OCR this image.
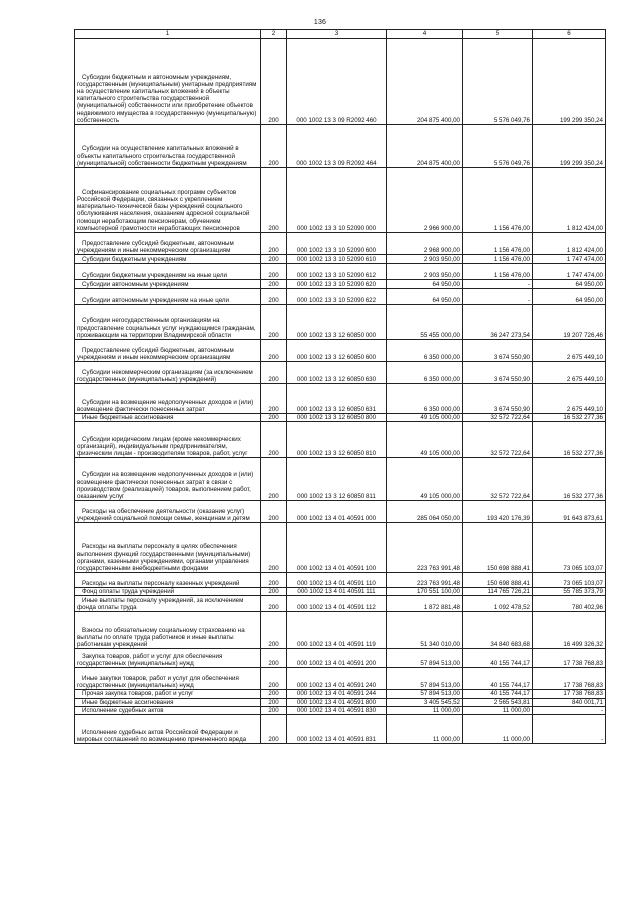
136
1	2	3	4	5	6
Субсидии бюджетным и автономным учреждениям, государственным (муниципальным) унитарным предприятиям на осуществление капитальных вложений в объекты капитального строительства государственной (муниципальной) собственности или приобретение объектов недвижимого имущества в государственную (муниципальную) собственность	200	000 1002 13 3 09 R2092 460	204 875 400,00	5 576 049,76	199 299 350,24
Субсидии на осуществление капитальных вложений в объекты капитального строительства государственной (муниципальной) собственности бюджетным учреждениям	200	000 1002 13 3 09 R2092 464	204 875 400,00	5 576 049,76	199 299 350,24
Софинансирование социальных программ субъектов Российской Федерации, связанных с укреплением материально-технической базы учреждений социального обслуживания населения, оказанием адресной социальной помощи неработающим пенсионерам, обучением компьютерной грамотности неработающих пенсионеров	200	000 1002 13 3 10 52090 000	2 966 900,00	1 156 476,00	1 812 424,00
Предоставление субсидий бюджетным, автономным учреждениям и иным некоммерческим организациям	200	000 1002 13 3 10 52090 600	2 968 900,00	1 156 476,00	1 812 424,00
Субсидии бюджетным учреждениям	200	000 1002 13 3 10 52090 610	2 903 950,00	1 156 476,00	1 747 474,00
Субсидии бюджетным учреждениям на иные цели	200	000 1002 13 3 10 52090 612	2 903 950,00	1 156 476,00	1 747 474,00
Субсидии автономным учреждениям	200	000 1002 13 3 10 52090 620	64 950,00	-	64 950,00
Субсидии автономным учреждениям на иные цели	200	000 1002 13 3 10 52090 622	64 950,00	-	64 950,00
Субсидии негосударственным организациям на предоставление социальных услуг нуждающимся гражданам, проживающим на территории Владимирской области	200	000 1002 13 3 12 60850 000	55 455 000,00	36 247 273,54	19 207 726,46
Предоставление субсидий бюджетным, автономным учреждениям и иным некоммерческим организациям	200	000 1002 13 3 12 60850 600	6 350 000,00	3 674 550,90	2 675 449,10
Субсидии некоммерческим организациям (за исключением государственных (муниципальных) учреждений)	200	000 1002 13 3 12 60850 630	6 350 000,00	3 674 550,90	2 675 449,10
Субсидии на возмещение недополученных доходов и (или) возмещение фактически понесенных затрат	200	000 1002 13 3 12 60850 631	6 350 000,00	3 674 550,90	2 675 449,10
Иные бюджетные ассигнования	200	000 1002 13 3 12 60850 800	49 105 000,00	32 572 722,64	16 532 277,36
Субсидии юридическим лицам (кроме некоммерческих организаций), индивидуальным предпринимателям, физическим лицам - производителям товаров, работ, услуг	200	000 1002 13 3 12 60850 810	49 105 000,00	32 572 722,64	16 532 277,36
Субсидии на возмещение недополученных доходов и (или) возмещение фактически понесенных затрат в связи с производством (реализацией) товаров, выполнением работ, оказанием услуг	200	000 1002 13 3 12 60850 811	49 105 000,00	32 572 722,64	16 532 277,36
Расходы на обеспечение деятельности (оказание услуг) учреждений социальной помощи семье, женщинам и детям	200	000 1002 13 4 01 40591 000	285 064 050,00	193 420 176,39	91 643 873,61
Расходы на выплаты персоналу в целях обеспечения выполнения функций государственными (муниципальными) органами, казенными учреждениями, органами управления государственными внебюджетными фондами	200	000 1002 13 4 01 40591 100	223 763 991,48	150 698 888,41	73 065 103,07
Расходы на выплаты персоналу казенных учреждений	200	000 1002 13 4 01 40591 110	223 763 991,48	150 698 888,41	73 065 103,07
Фонд оплаты труда учреждений	200	000 1002 13 4 01 40591 111	170 551 100,00	114 765 726,21	55 785 373,79
Иные выплаты персоналу учреждений, за исключением фонда оплаты труда	200	000 1002 13 4 01 40591 112	1 872 881,48	1 092 478,52	780 402,96
Взносы по обязательному социальному страхованию на выплаты по оплате труда работников и иные выплаты работникам учреждений	200	000 1002 13 4 01 40591 119	51 340 010,00	34 840 683,68	16 499 326,32
Закупка товаров, работ и услуг для обеспечения государственных (муниципальных) нужд	200	000 1002 13 4 01 40591 200	57 894 513,00	40 155 744,17	17 738 768,83
Иные закупки товаров, работ и услуг для обеспечения государственных (муниципальных) нужд	200	000 1002 13 4 01 40591 240	57 894 513,00	40 155 744,17	17 738 768,83
Прочая закупка товаров, работ и услуг	200	000 1002 13 4 01 40591 244	57 894 513,00	40 155 744,17	17 738 768,83
Иные бюджетные ассигнования	200	000 1002 13 4 01 40591 800	3 405 545,52	2 565 543,81	840 001,71
Исполнение судебных актов	200	000 1002 13 4 01 40591 830	11 000,00	11 000,00	-
Исполнение судебных актов Российской Федерации и мировых соглашений по возмещению причиненного вреда	200	000 1002 13 4 01 40591 831	11 000,00	11 000,00	-
